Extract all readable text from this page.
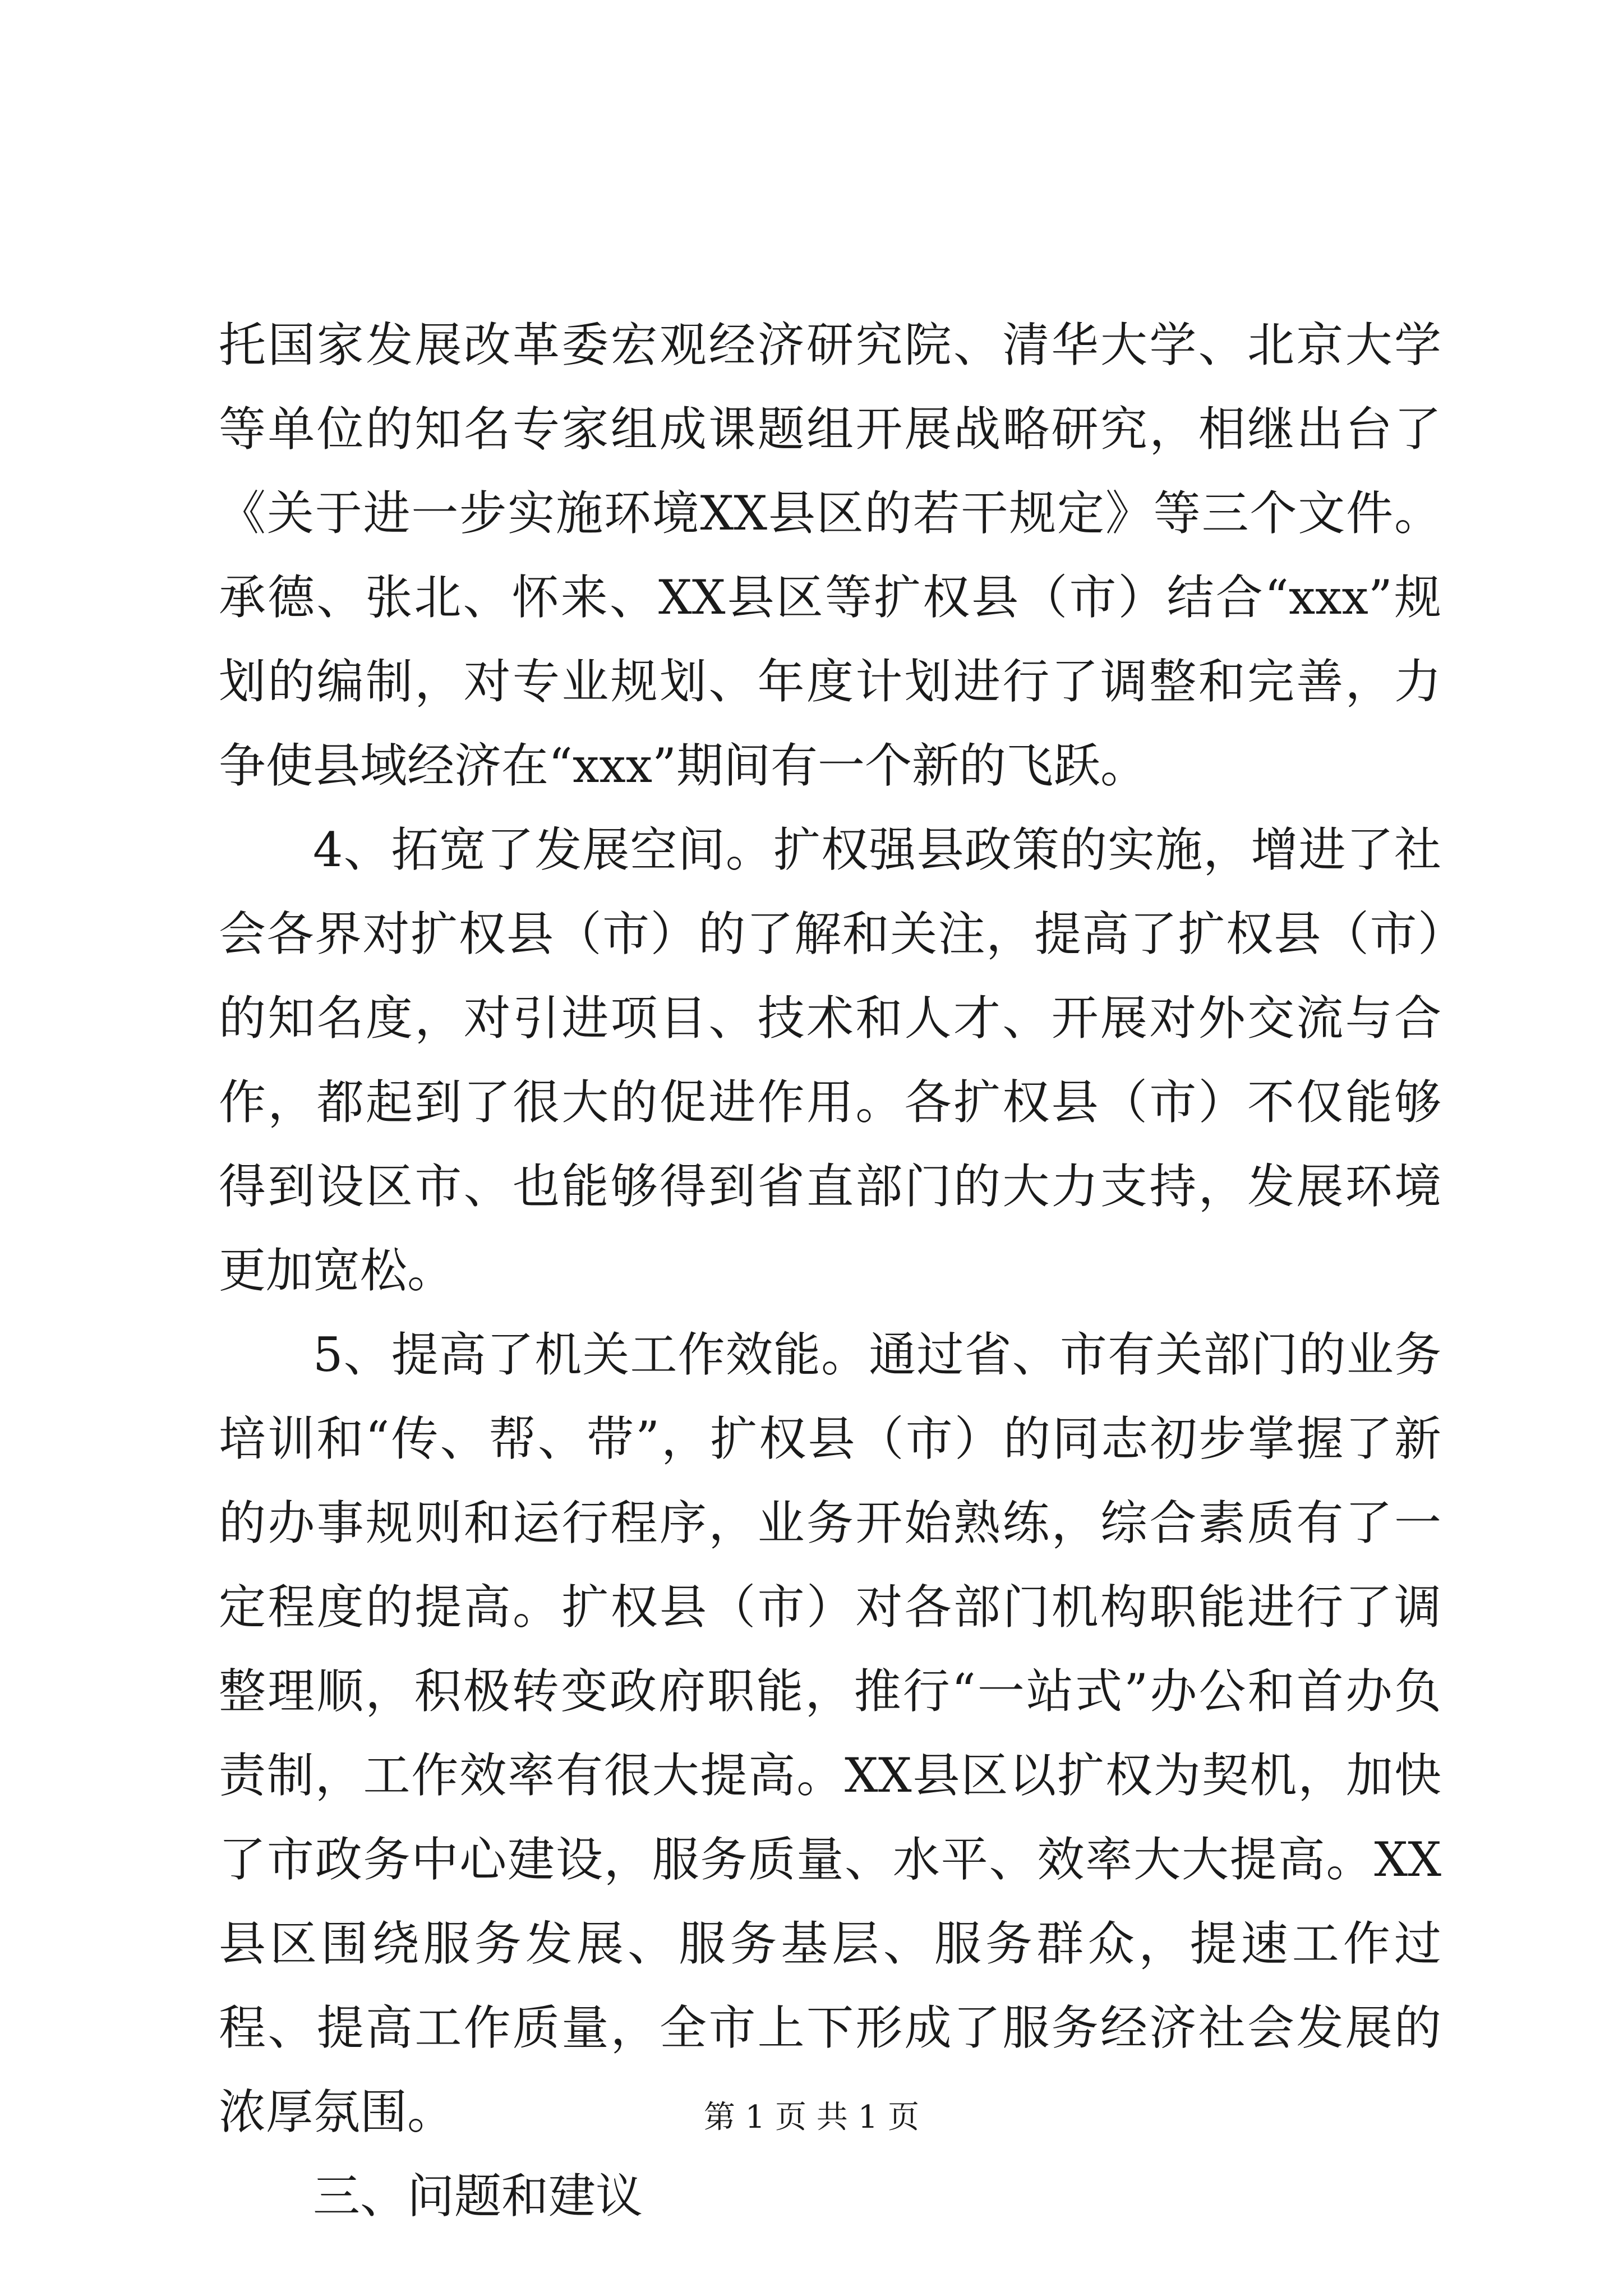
托国家发展改革委宏观经济研究院、清华大学、北京大学等单位的知名专家组成课题组开展战略研究，相继出台了《关于进一步实施环境XX县区的若干规定》等三个文件。承德、张北、怀来、XX县区等扩权县（市）结合“xxx”规划的编制，对专业规划、年度计划进行了调整和完善，力争使县域经济在“xxx”期间有一个新的飞跃。

4、拓宽了发展空间。扩权强县政策的实施，增进了社会各界对扩权县（市）的了解和关注，提高了扩权县（市）的知名度，对引进项目、技术和人才、开展对外交流与合作，都起到了很大的促进作用。各扩权县（市）不仅能够得到设区市、也能够得到省直部门的大力支持，发展环境更加宽松。

5、提高了机关工作效能。通过省、市有关部门的业务培训和“传、帮、带”，扩权县（市）的同志初步掌握了新的办事规则和运行程序，业务开始熟练，综合素质有了一定程度的提高。扩权县（市）对各部门机构职能进行了调整理顺，积极转变政府职能，推行“一站式”办公和首办负责制，工作效率有很大提高。XX县区以扩权为契机，加快了市政务中心建设，服务质量、水平、效率大大提高。XX县区围绕服务发展、服务基层、服务群众，提速工作过程、提高工作质量，全市上下形成了服务经济社会发展的浓厚氛围。

三、问题和建议

第 1 页 共 1 页
